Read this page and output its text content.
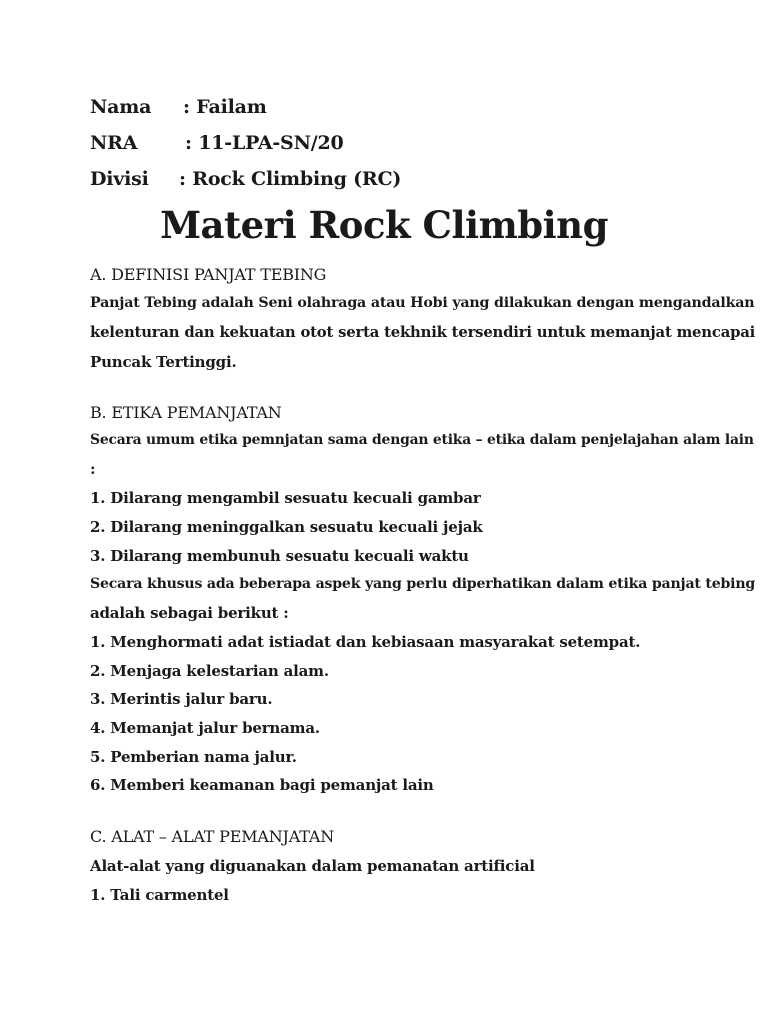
Nama : Failam
NRA	: 11-LPA-SN/20
Divisi : Rock Climbing (RC)
Materi Rock Climbing
A. DEFINISI PANJAT TEBING
Panjat Tebing adalah Seni olahraga atau Hobi yang dilakukan dengan mengandalkan
kelenturan dan kekuatan otot serta tekhnik tersendiri untuk memanjat mencapai
Puncak Tertinggi.
B. ETIKA PEMANJATAN
Secara umum etika pemnjatan sama dengan etika – etika dalam penjelajahan alam lain
:
1. Dilarang mengambil sesuatu kecuali gambar
2. Dilarang meninggalkan sesuatu kecuali jejak
3. Dilarang membunuh sesuatu kecuali waktu
Secara khusus ada beberapa aspek yang perlu diperhatikan dalam etika panjat tebing
adalah sebagai berikut :
1. Menghormati adat istiadat dan kebiasaan masyarakat setempat.
2. Menjaga kelestarian alam.
3. Merintis jalur baru.
4. Memanjat jalur bernama.
5. Pemberian nama jalur.
6. Memberi keamanan bagi pemanjat lain
C. ALAT – ALAT PEMANJATAN
Alat-alat yang diguanakan dalam pemanatan artificial
1. Tali carmentel
